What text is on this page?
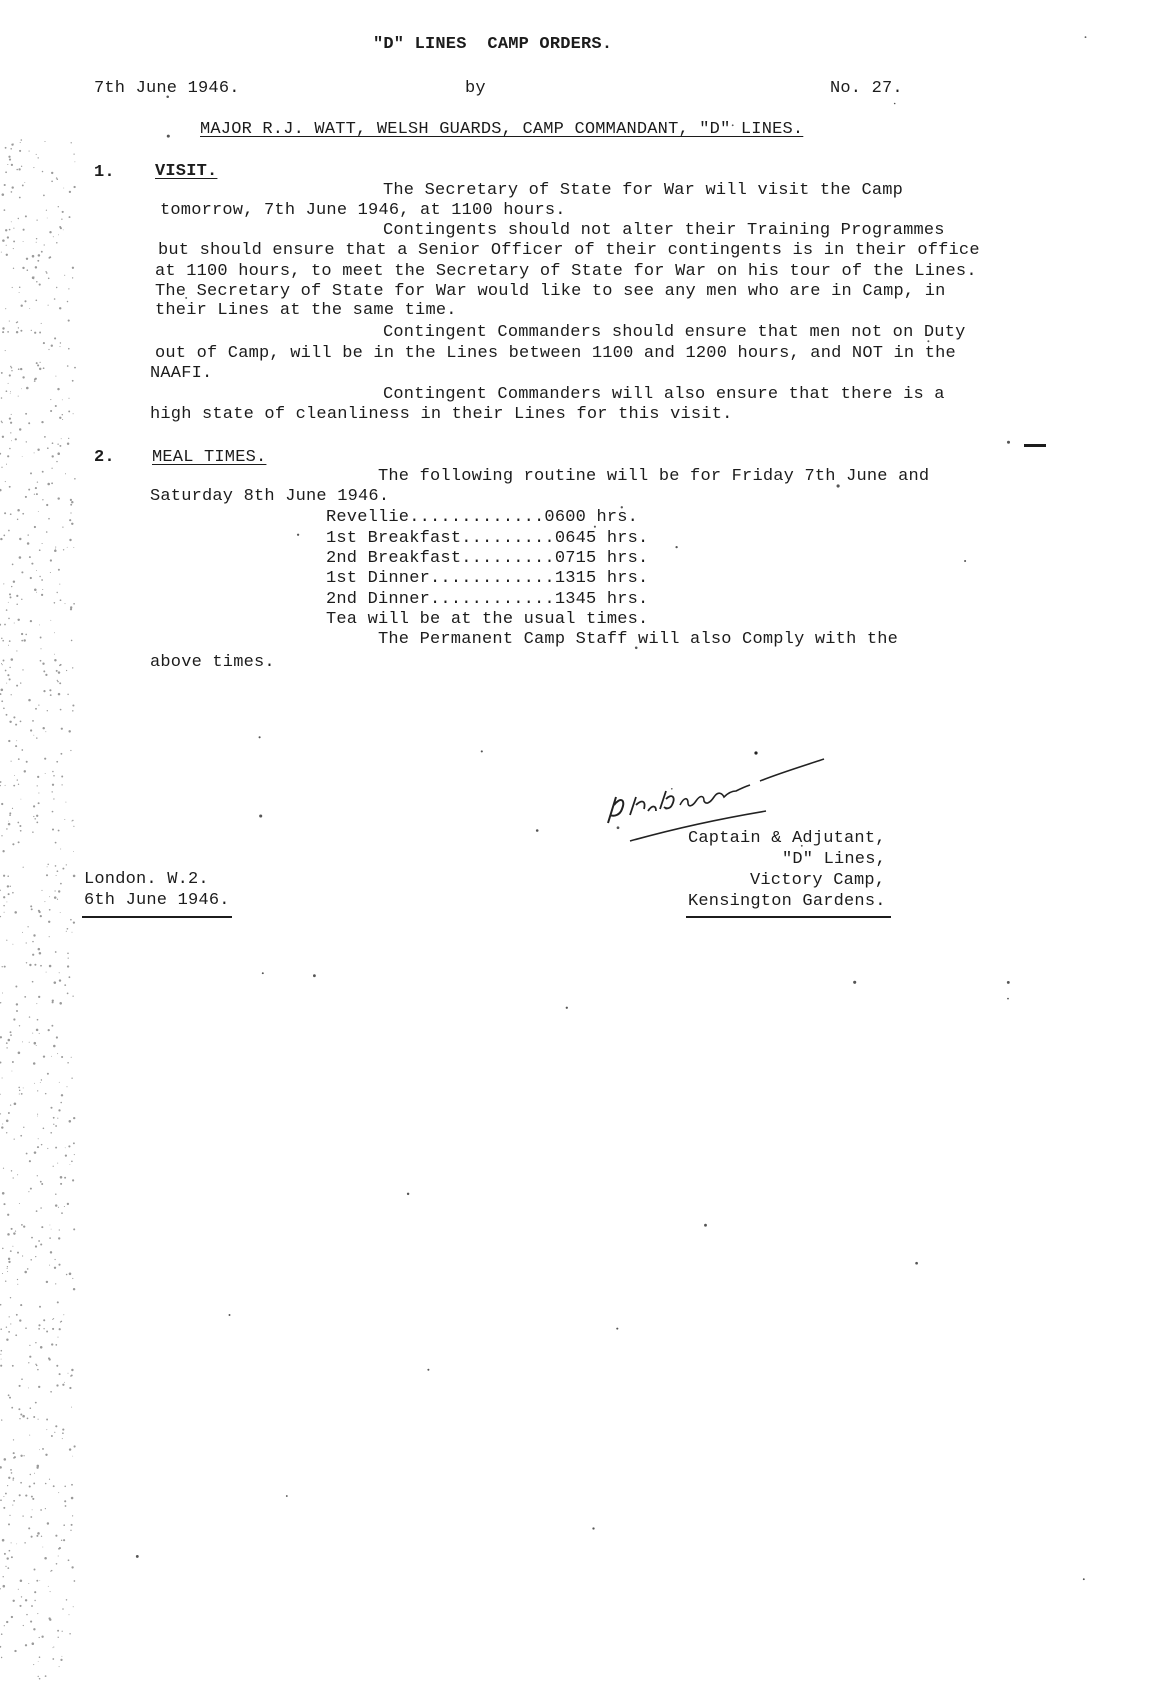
"D" LINES  CAMP ORDERS.
7th June 1946.	by	No. 27.
MAJOR R.J. WATT, WELSH GUARDS, CAMP COMMANDANT, "D" LINES.
1. VISIT.
The Secretary of State for War will visit the Camp
tomorrow, 7th June 1946, at 1100 hours.
Contingents should not alter their Training Programmes
but should ensure that a Senior Officer of their contingents is in their office
at 1100 hours, to meet the Secretary of State for War on his tour of the Lines.
The Secretary of State for War would like to see any men who are in Camp, in
their Lines at the same time.
Contingent Commanders should ensure that men not on Duty
out of Camp, will be in the Lines between 1100 and 1200 hours, and NOT in the
NAAFI.
Contingent Commanders will also ensure that there is a
high state of cleanliness in their Lines for this visit.
2. MEAL TIMES.
The following routine will be for Friday 7th June and
Saturday 8th June 1946.
Revellie.............0600 hrs.
1st Breakfast.........0645 hrs.
2nd Breakfast.........0715 hrs.
1st Dinner............1315 hrs.
2nd Dinner............1345 hrs.
Tea will be at the usual times.
The Permanent Camp Staff will also Comply with the
above times.
Captain & Adjutant,
"D" Lines,
Victory Camp,
Kensington Gardens.
London. W.2.
6th June 1946.
